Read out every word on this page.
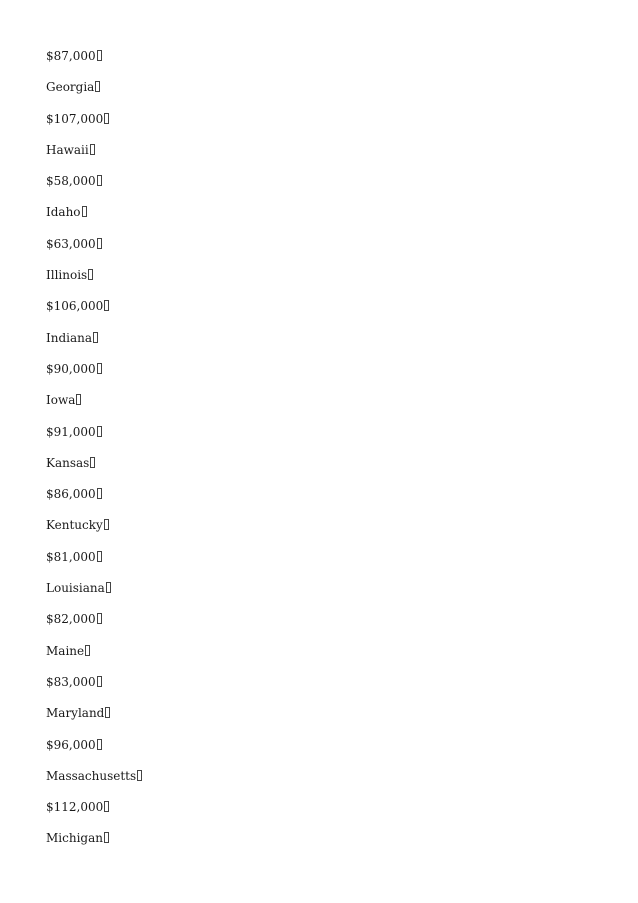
$87,000
Georgia
$107,000
Hawaii
$58,000
Idaho
$63,000
Illinois
$106,000
Indiana
$90,000
Iowa
$91,000
Kansas
$86,000
Kentucky
$81,000
Louisiana
$82,000
Maine
$83,000
Maryland
$96,000
Massachusetts
$112,000
Michigan
